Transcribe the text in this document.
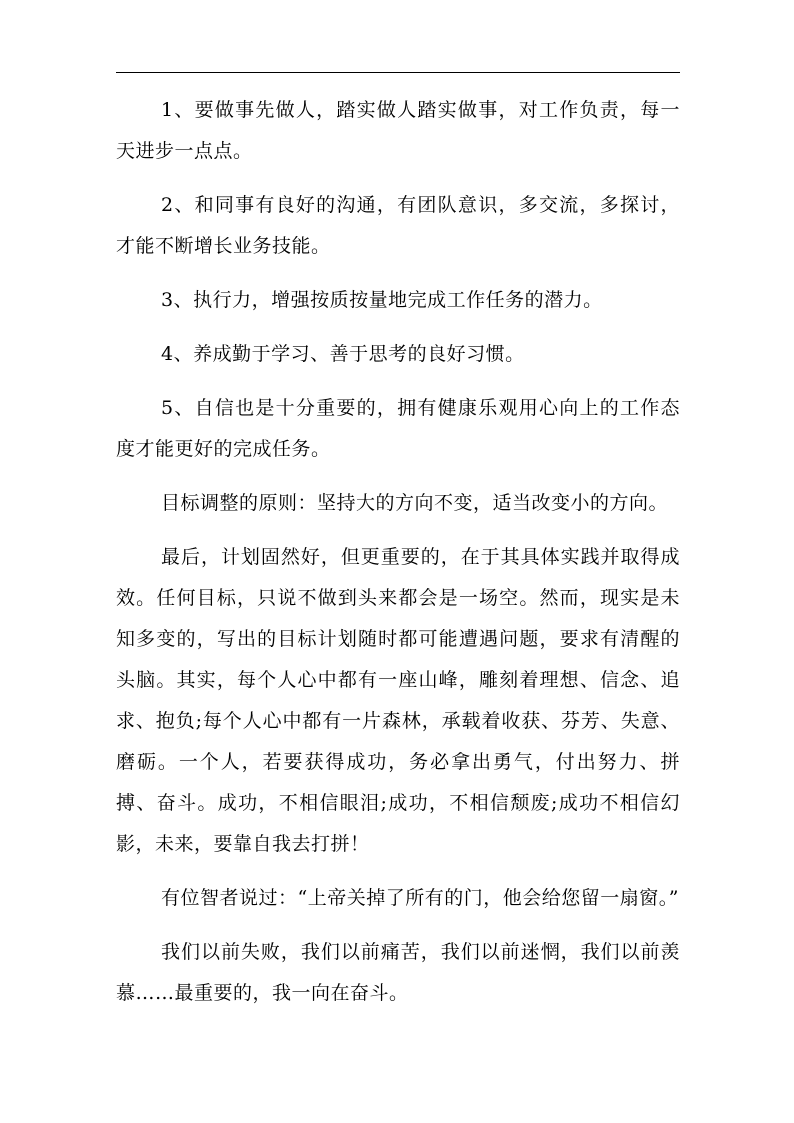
1、要做事先做人，踏实做人踏实做事，对工作负责，每一天进步一点点。

2、和同事有良好的沟通，有团队意识，多交流，多探讨，才能不断增长业务技能。

3、执行力，增强按质按量地完成工作任务的潜力。

4、养成勤于学习、善于思考的良好习惯。

5、自信也是十分重要的，拥有健康乐观用心向上的工作态度才能更好的完成任务。

目标调整的原则：坚持大的方向不变，适当改变小的方向。

最后，计划固然好，但更重要的，在于其具体实践并取得成效。任何目标，只说不做到头来都会是一场空。然而，现实是未知多变的，写出的目标计划随时都可能遭遇问题，要求有清醒的头脑。其实，每个人心中都有一座山峰，雕刻着理想、信念、追求、抱负;每个人心中都有一片森林，承载着收获、芬芳、失意、磨砺。一个人，若要获得成功，务必拿出勇气，付出努力、拼搏、奋斗。成功，不相信眼泪;成功，不相信颓废;成功不相信幻影，未来，要靠自我去打拼！

有位智者说过：“上帝关掉了所有的门，他会给您留一扇窗。”

我们以前失败，我们以前痛苦，我们以前迷惘，我们以前羡慕……最重要的，我一向在奋斗。
